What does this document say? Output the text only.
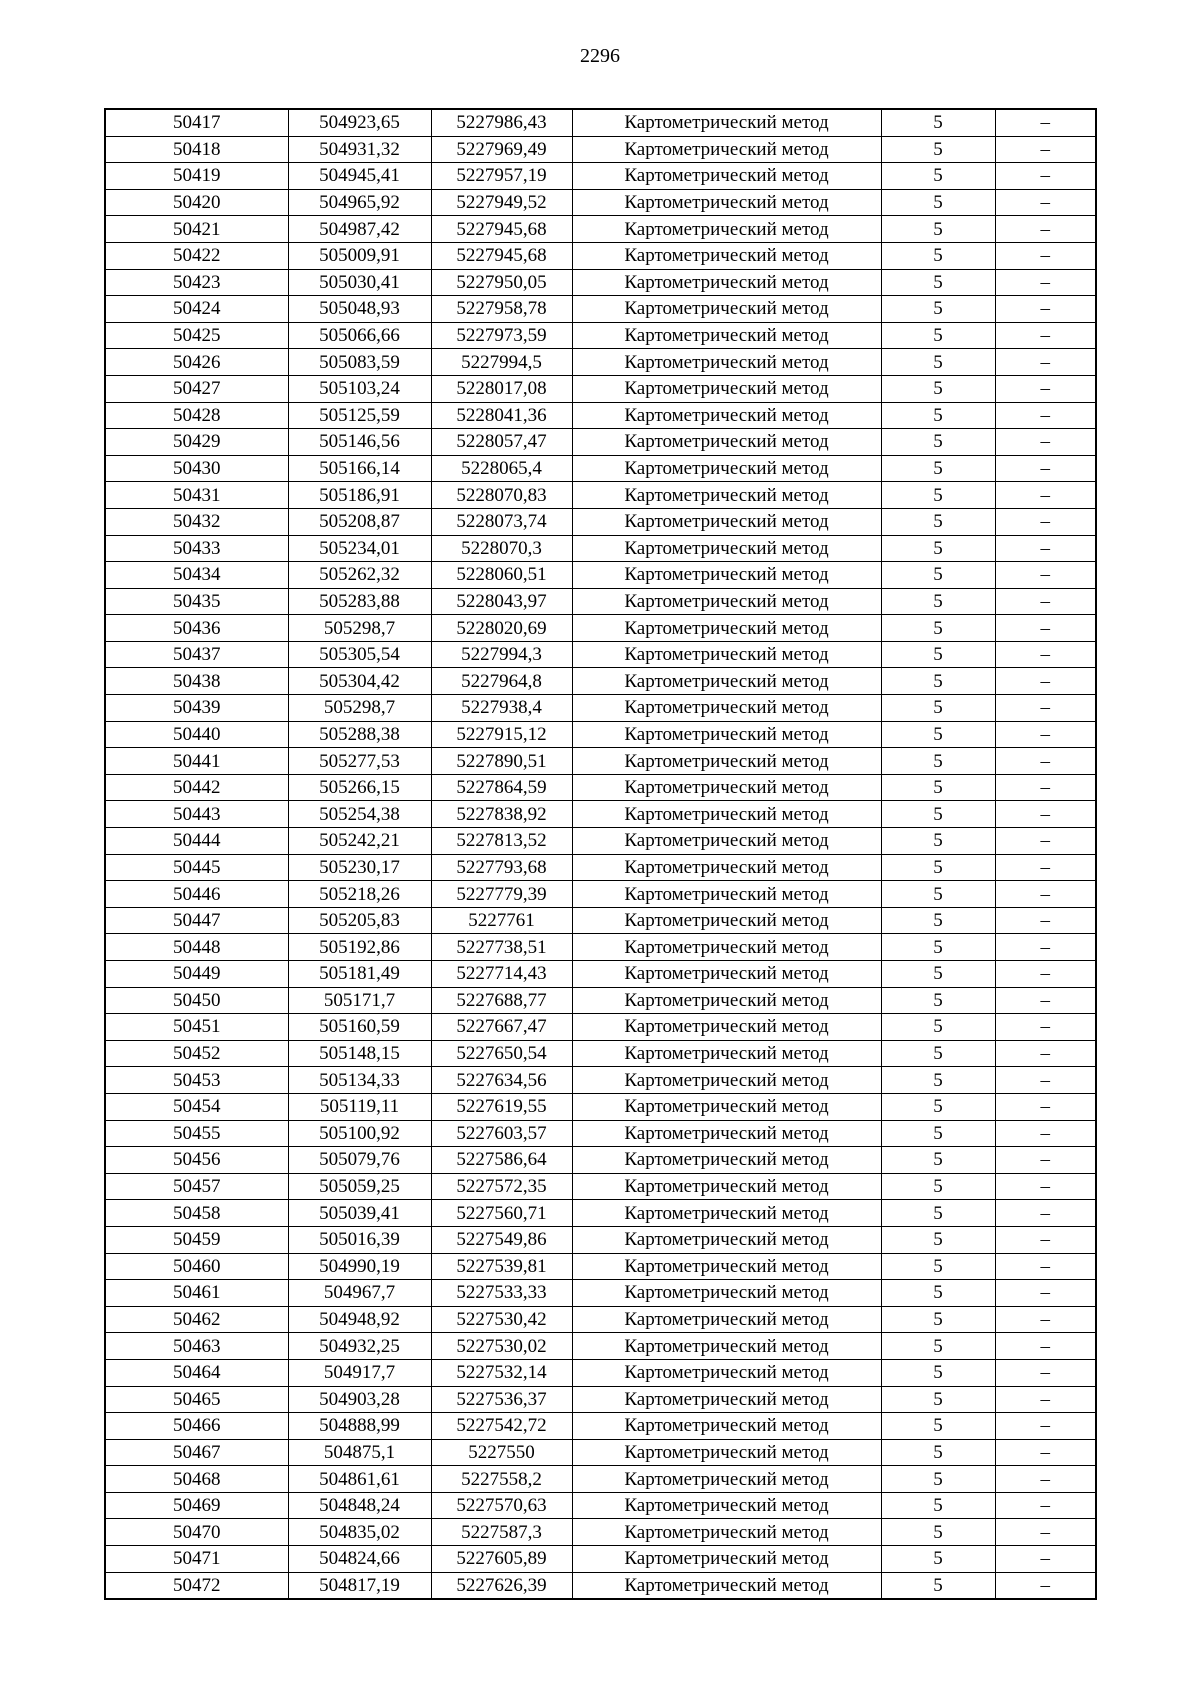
2296
50417	504923,65	5227986,43	Картометрический метод	5	–
50418	504931,32	5227969,49	Картометрический метод	5	–
50419	504945,41	5227957,19	Картометрический метод	5	–
50420	504965,92	5227949,52	Картометрический метод	5	–
50421	504987,42	5227945,68	Картометрический метод	5	–
50422	505009,91	5227945,68	Картометрический метод	5	–
50423	505030,41	5227950,05	Картометрический метод	5	–
50424	505048,93	5227958,78	Картометрический метод	5	–
50425	505066,66	5227973,59	Картометрический метод	5	–
50426	505083,59	5227994,5	Картометрический метод	5	–
50427	505103,24	5228017,08	Картометрический метод	5	–
50428	505125,59	5228041,36	Картометрический метод	5	–
50429	505146,56	5228057,47	Картометрический метод	5	–
50430	505166,14	5228065,4	Картометрический метод	5	–
50431	505186,91	5228070,83	Картометрический метод	5	–
50432	505208,87	5228073,74	Картометрический метод	5	–
50433	505234,01	5228070,3	Картометрический метод	5	–
50434	505262,32	5228060,51	Картометрический метод	5	–
50435	505283,88	5228043,97	Картометрический метод	5	–
50436	505298,7	5228020,69	Картометрический метод	5	–
50437	505305,54	5227994,3	Картометрический метод	5	–
50438	505304,42	5227964,8	Картометрический метод	5	–
50439	505298,7	5227938,4	Картометрический метод	5	–
50440	505288,38	5227915,12	Картометрический метод	5	–
50441	505277,53	5227890,51	Картометрический метод	5	–
50442	505266,15	5227864,59	Картометрический метод	5	–
50443	505254,38	5227838,92	Картометрический метод	5	–
50444	505242,21	5227813,52	Картометрический метод	5	–
50445	505230,17	5227793,68	Картометрический метод	5	–
50446	505218,26	5227779,39	Картометрический метод	5	–
50447	505205,83	5227761	Картометрический метод	5	–
50448	505192,86	5227738,51	Картометрический метод	5	–
50449	505181,49	5227714,43	Картометрический метод	5	–
50450	505171,7	5227688,77	Картометрический метод	5	–
50451	505160,59	5227667,47	Картометрический метод	5	–
50452	505148,15	5227650,54	Картометрический метод	5	–
50453	505134,33	5227634,56	Картометрический метод	5	–
50454	505119,11	5227619,55	Картометрический метод	5	–
50455	505100,92	5227603,57	Картометрический метод	5	–
50456	505079,76	5227586,64	Картометрический метод	5	–
50457	505059,25	5227572,35	Картометрический метод	5	–
50458	505039,41	5227560,71	Картометрический метод	5	–
50459	505016,39	5227549,86	Картометрический метод	5	–
50460	504990,19	5227539,81	Картометрический метод	5	–
50461	504967,7	5227533,33	Картометрический метод	5	–
50462	504948,92	5227530,42	Картометрический метод	5	–
50463	504932,25	5227530,02	Картометрический метод	5	–
50464	504917,7	5227532,14	Картометрический метод	5	–
50465	504903,28	5227536,37	Картометрический метод	5	–
50466	504888,99	5227542,72	Картометрический метод	5	–
50467	504875,1	5227550	Картометрический метод	5	–
50468	504861,61	5227558,2	Картометрический метод	5	–
50469	504848,24	5227570,63	Картометрический метод	5	–
50470	504835,02	5227587,3	Картометрический метод	5	–
50471	504824,66	5227605,89	Картометрический метод	5	–
50472	504817,19	5227626,39	Картометрический метод	5	–
